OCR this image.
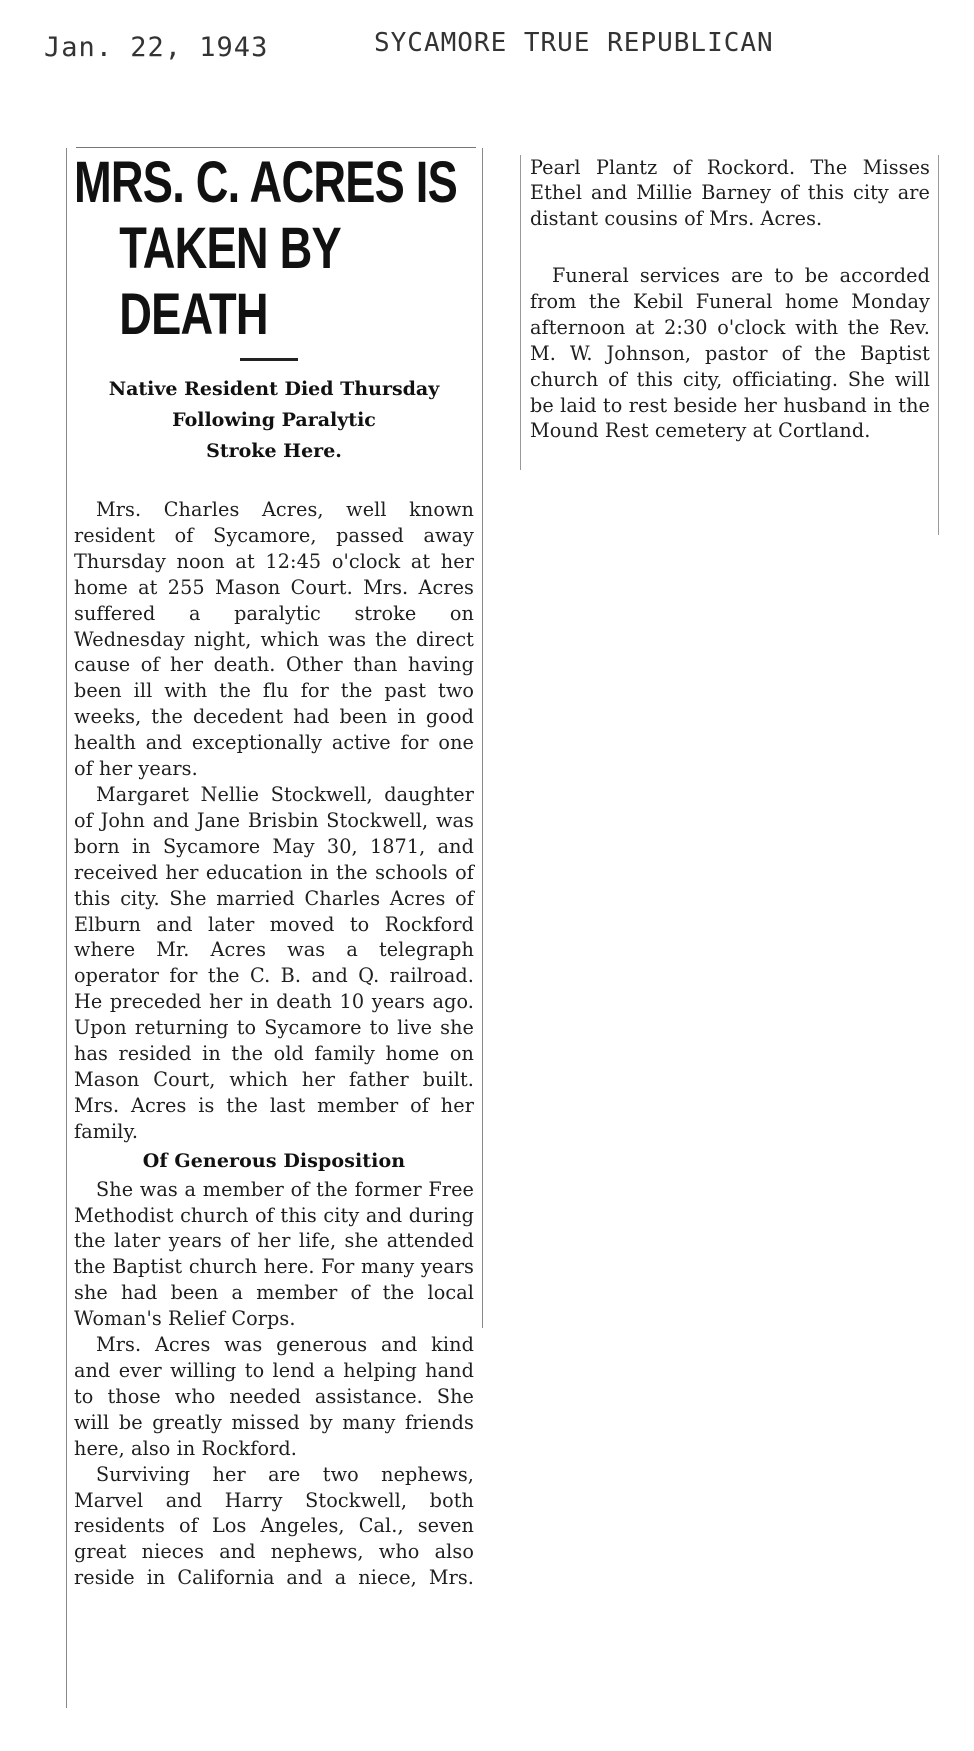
Jan. 22, 1943	SYCAMORE TRUE REPUBLICAN
MRS. C. ACRES IS
TAKEN BY DEATH
Native Resident Died Thursday
Following Paralytic
Stroke Here.

Mrs. Charles Acres, well known resident of Sycamore, passed away Thursday noon at 12:45 o'clock at her home at 255 Mason Court. Mrs. Acres suffered a paralytic stroke on Wednesday night, which was the direct cause of her death. Other than having been ill with the flu for the past two weeks, the decedent had been in good health and exceptionally active for one of her years.

Margaret Nellie Stockwell, daughter of John and Jane Brisbin Stockwell, was born in Sycamore May 30, 1871, and received her education in the schools of this city. She married Charles Acres of Elburn and later moved to Rockford where Mr. Acres was a telegraph operator for the C. B. and Q. railroad. He preceded her in death 10 years ago. Upon returning to Sycamore to live she has resided in the old family home on Mason Court, which her father built. Mrs. Acres is the last member of her family.

Of Generous Disposition

She was a member of the former Free Methodist church of this city and during the later years of her life, she attended the Baptist church here. For many years she had been a member of the local Woman's Relief Corps.

Mrs. Acres was generous and kind and ever willing to lend a helping hand to those who needed assistance. She will be greatly missed by many friends here, also in Rockford.

Surviving her are two nephews, Marvel and Harry Stockwell, both residents of Los Angeles, Cal., seven great nieces and nephews, who also reside in California and a niece, Mrs.

Pearl Plantz of Rockord. The Misses Ethel and Millie Barney of this city are distant cousins of Mrs. Acres.

Funeral services are to be accorded from the Kebil Funeral home Monday afternoon at 2:30 o'clock with the Rev. M. W. Johnson, pastor of the Baptist church of this city, officiating. She will be laid to rest beside her husband in the Mound Rest cemetery at Cortland.
